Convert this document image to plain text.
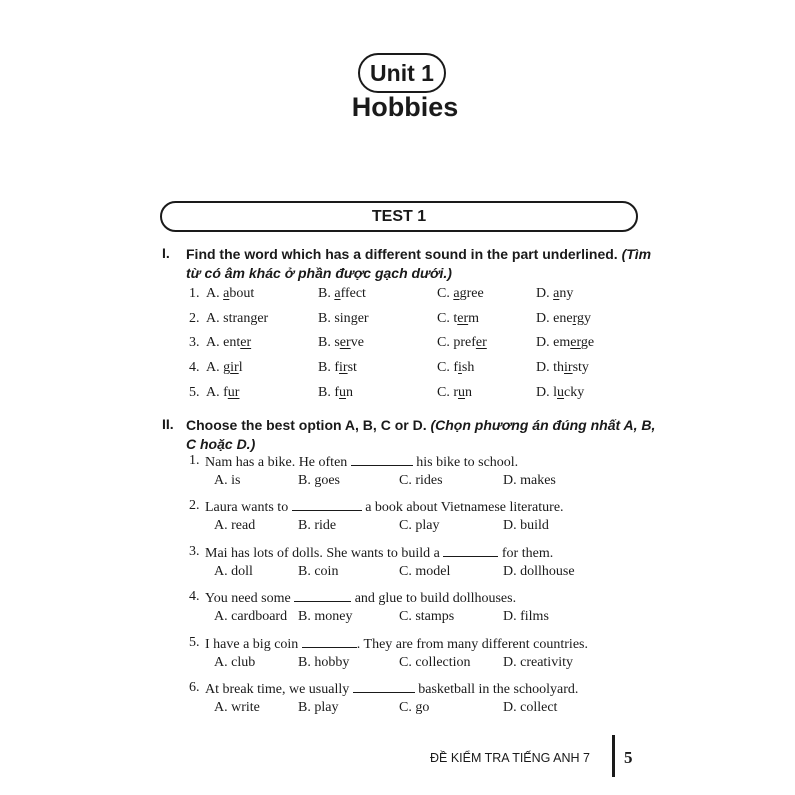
Unit 1
Hobbies
TEST 1
I. Find the word which has a different sound in the part underlined. (Tìm từ có âm khác ở phần được gạch dưới.)
1. A. about	B. affect	C. agree	D. any
2. A. stranger	B. singer	C. term	D. energy
3. A. enter	B. serve	C. prefer	D. emerge
4. A. girl	B. first	C. fish	D. thirsty
5. A. fur	B. fun	C. run	D. lucky
II. Choose the best option A, B, C or D. (Chọn phương án đúng nhất A, B, C hoặc D.)
1. Nam has a bike. He often	his bike to school.
A. is	B. goes	C. rides	D. makes
2. Laura wants to	a book about Vietnamese literature.
A. read	B. ride	C. play	D. build
3. Mai has lots of dolls. She wants to build a	for them.
A. doll	B. coin	C. model	D. dollhouse
4. You need some	and glue to build dollhouses.
A. cardboard B. money	C. stamps	D. films
5. I have a big coin	. They are from many different countries.
A. club	B. hobby	C. collection D. creativity
6. At break time, we usually	basketball in the schoolyard.
A. write	B. play	C. go	D. collect
ĐỀ KIỂM TRA TIẾNG ANH 7 5
